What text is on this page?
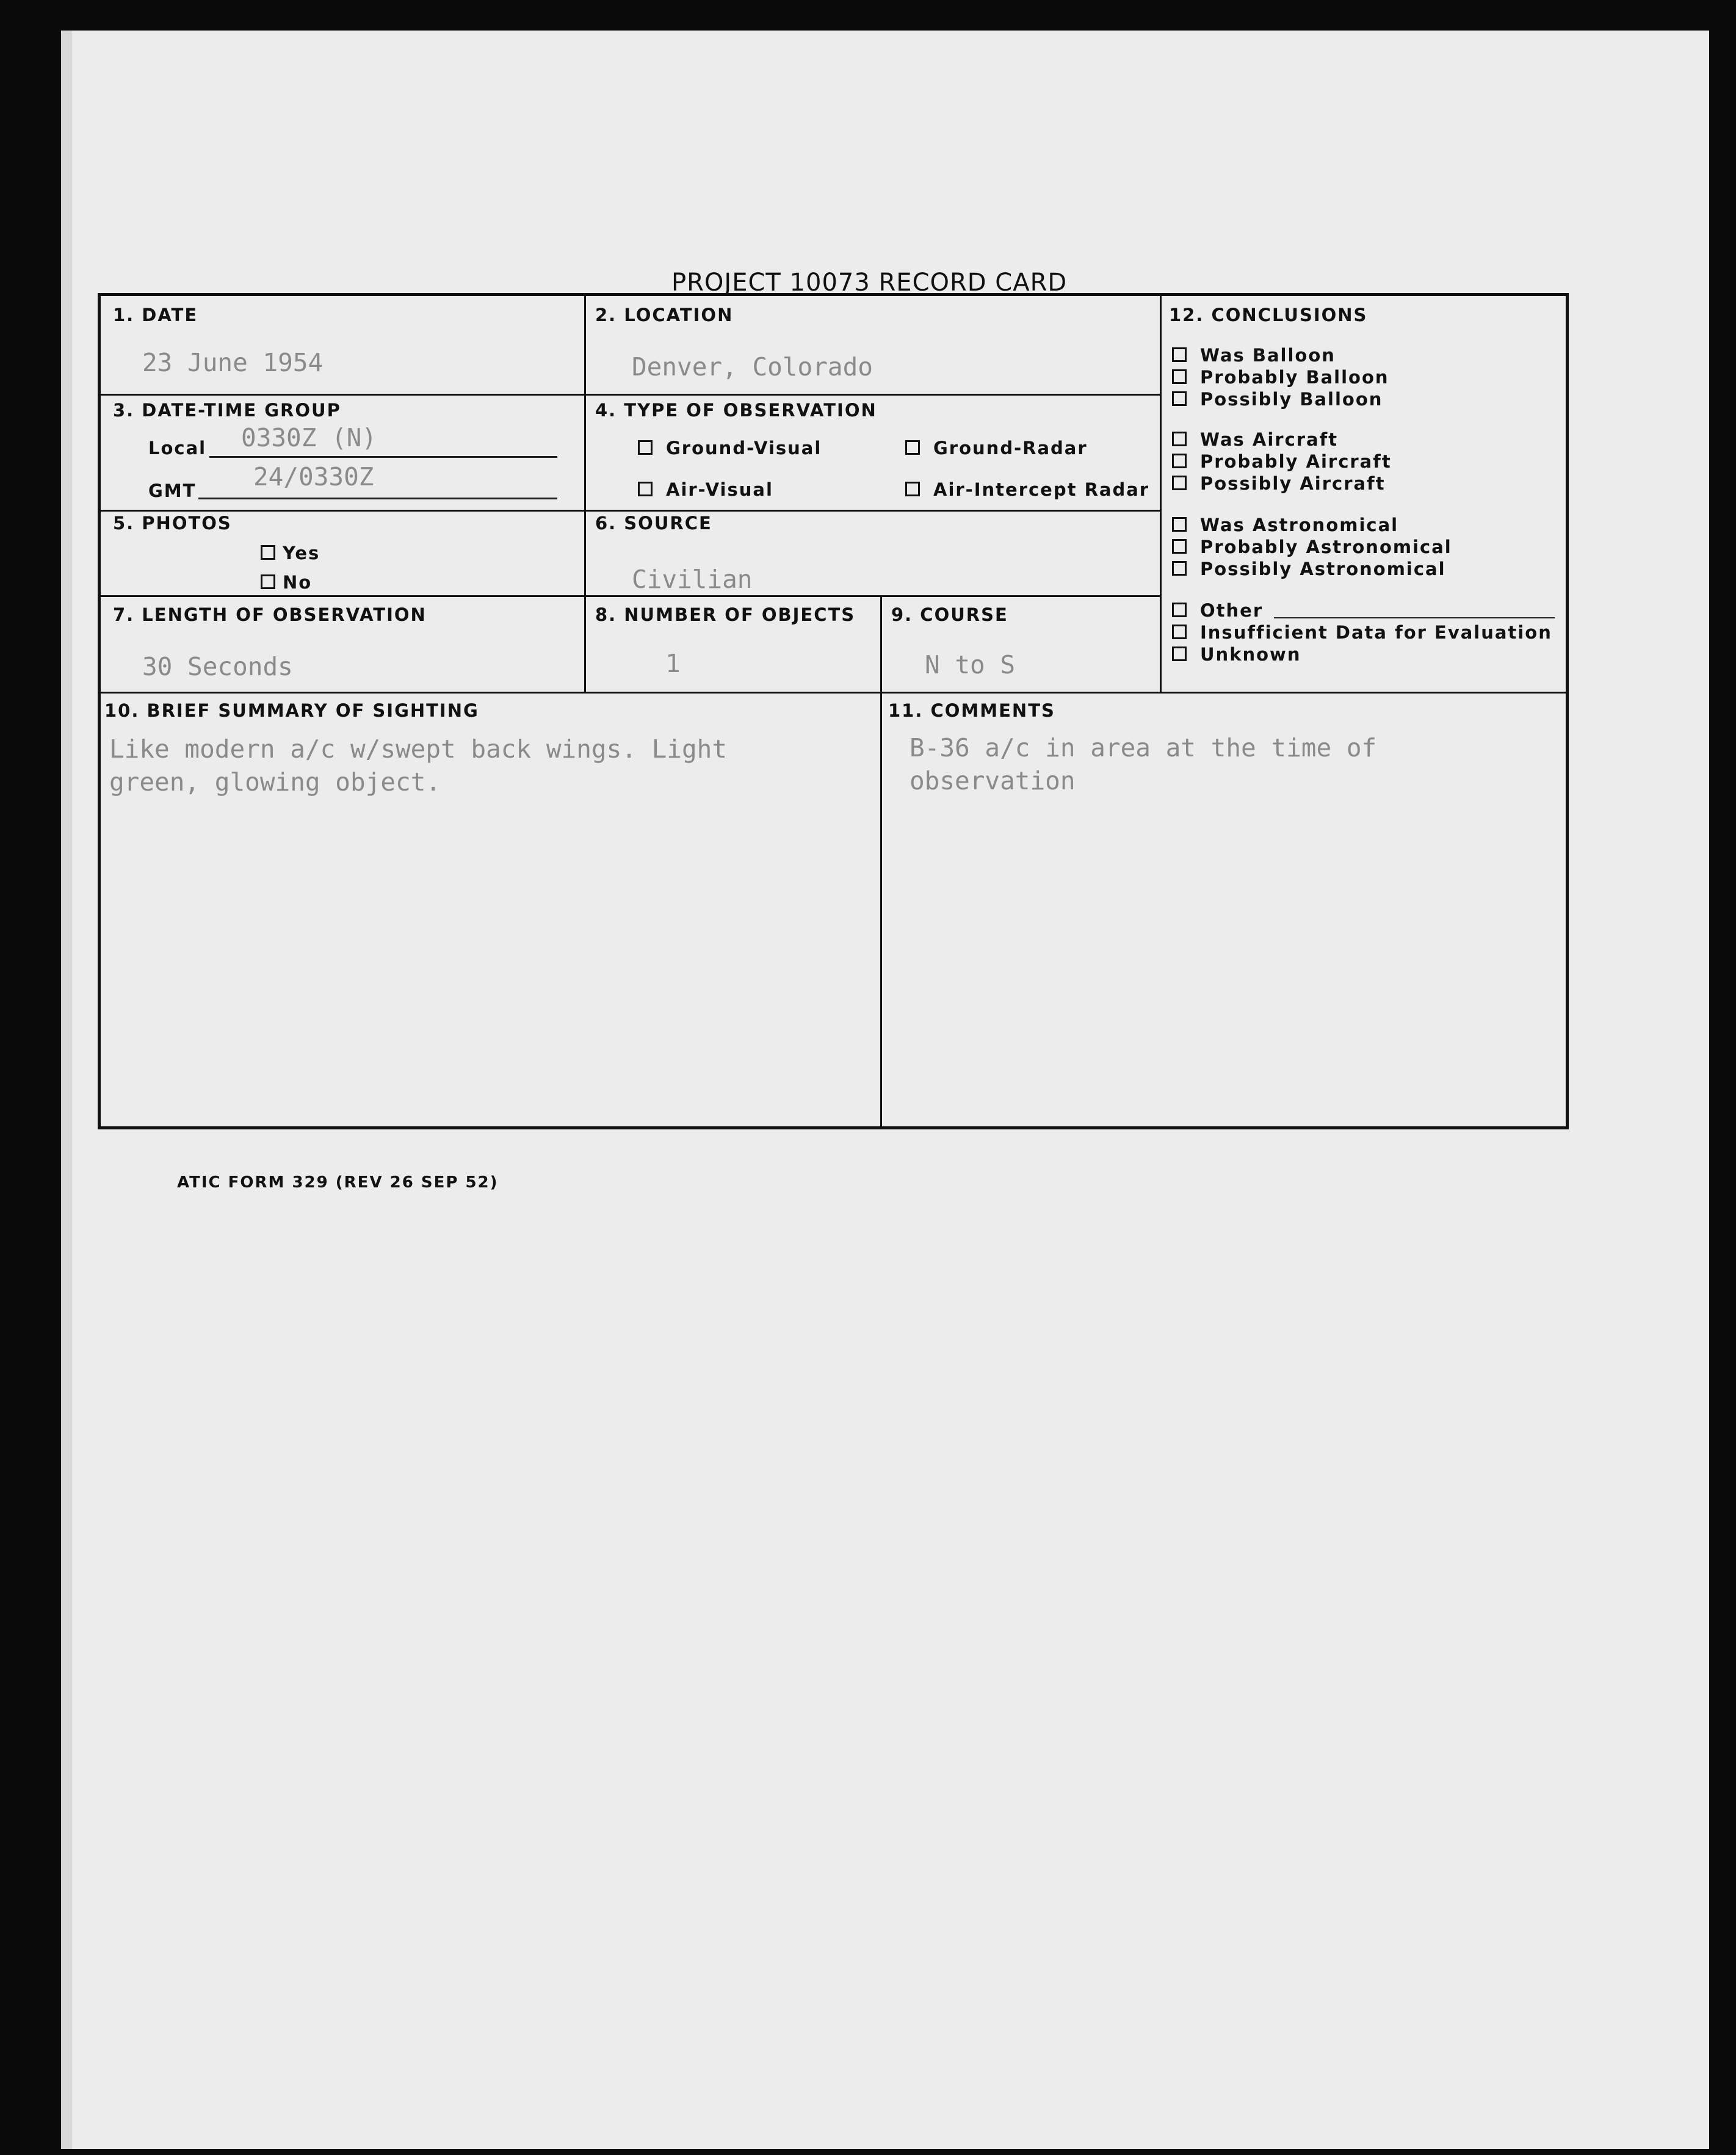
PROJECT 10073 RECORD CARD
ATIC FORM 329 (REV 26 SEP 52)
1. DATE
23 June 1954
2. LOCATION
Denver, Colorado
3. DATE-TIME GROUP
Local 0330Z (N)
GMT 24/0330Z
4. TYPE OF OBSERVATION
Ground-Visual	Ground-Radar
Air-Visual	Air-Intercept Radar
5. PHOTOS
Yes
No
6. SOURCE
Civilian
7. LENGTH OF OBSERVATION
30 Seconds
8. NUMBER OF OBJECTS
1
9. COURSE
N to S
10. BRIEF SUMMARY OF SIGHTING
Like modern a/c w/swept back wings. Light
green, glowing object.
11. COMMENTS
B-36 a/c in area at the time of
observation
12. CONCLUSIONS
Was Balloon
Probably Balloon
Possibly Balloon
Was Aircraft
Probably Aircraft
Possibly Aircraft
Was Astronomical
Probably Astronomical
Possibly Astronomical
Other
Insufficient Data for Evaluation
Unknown
